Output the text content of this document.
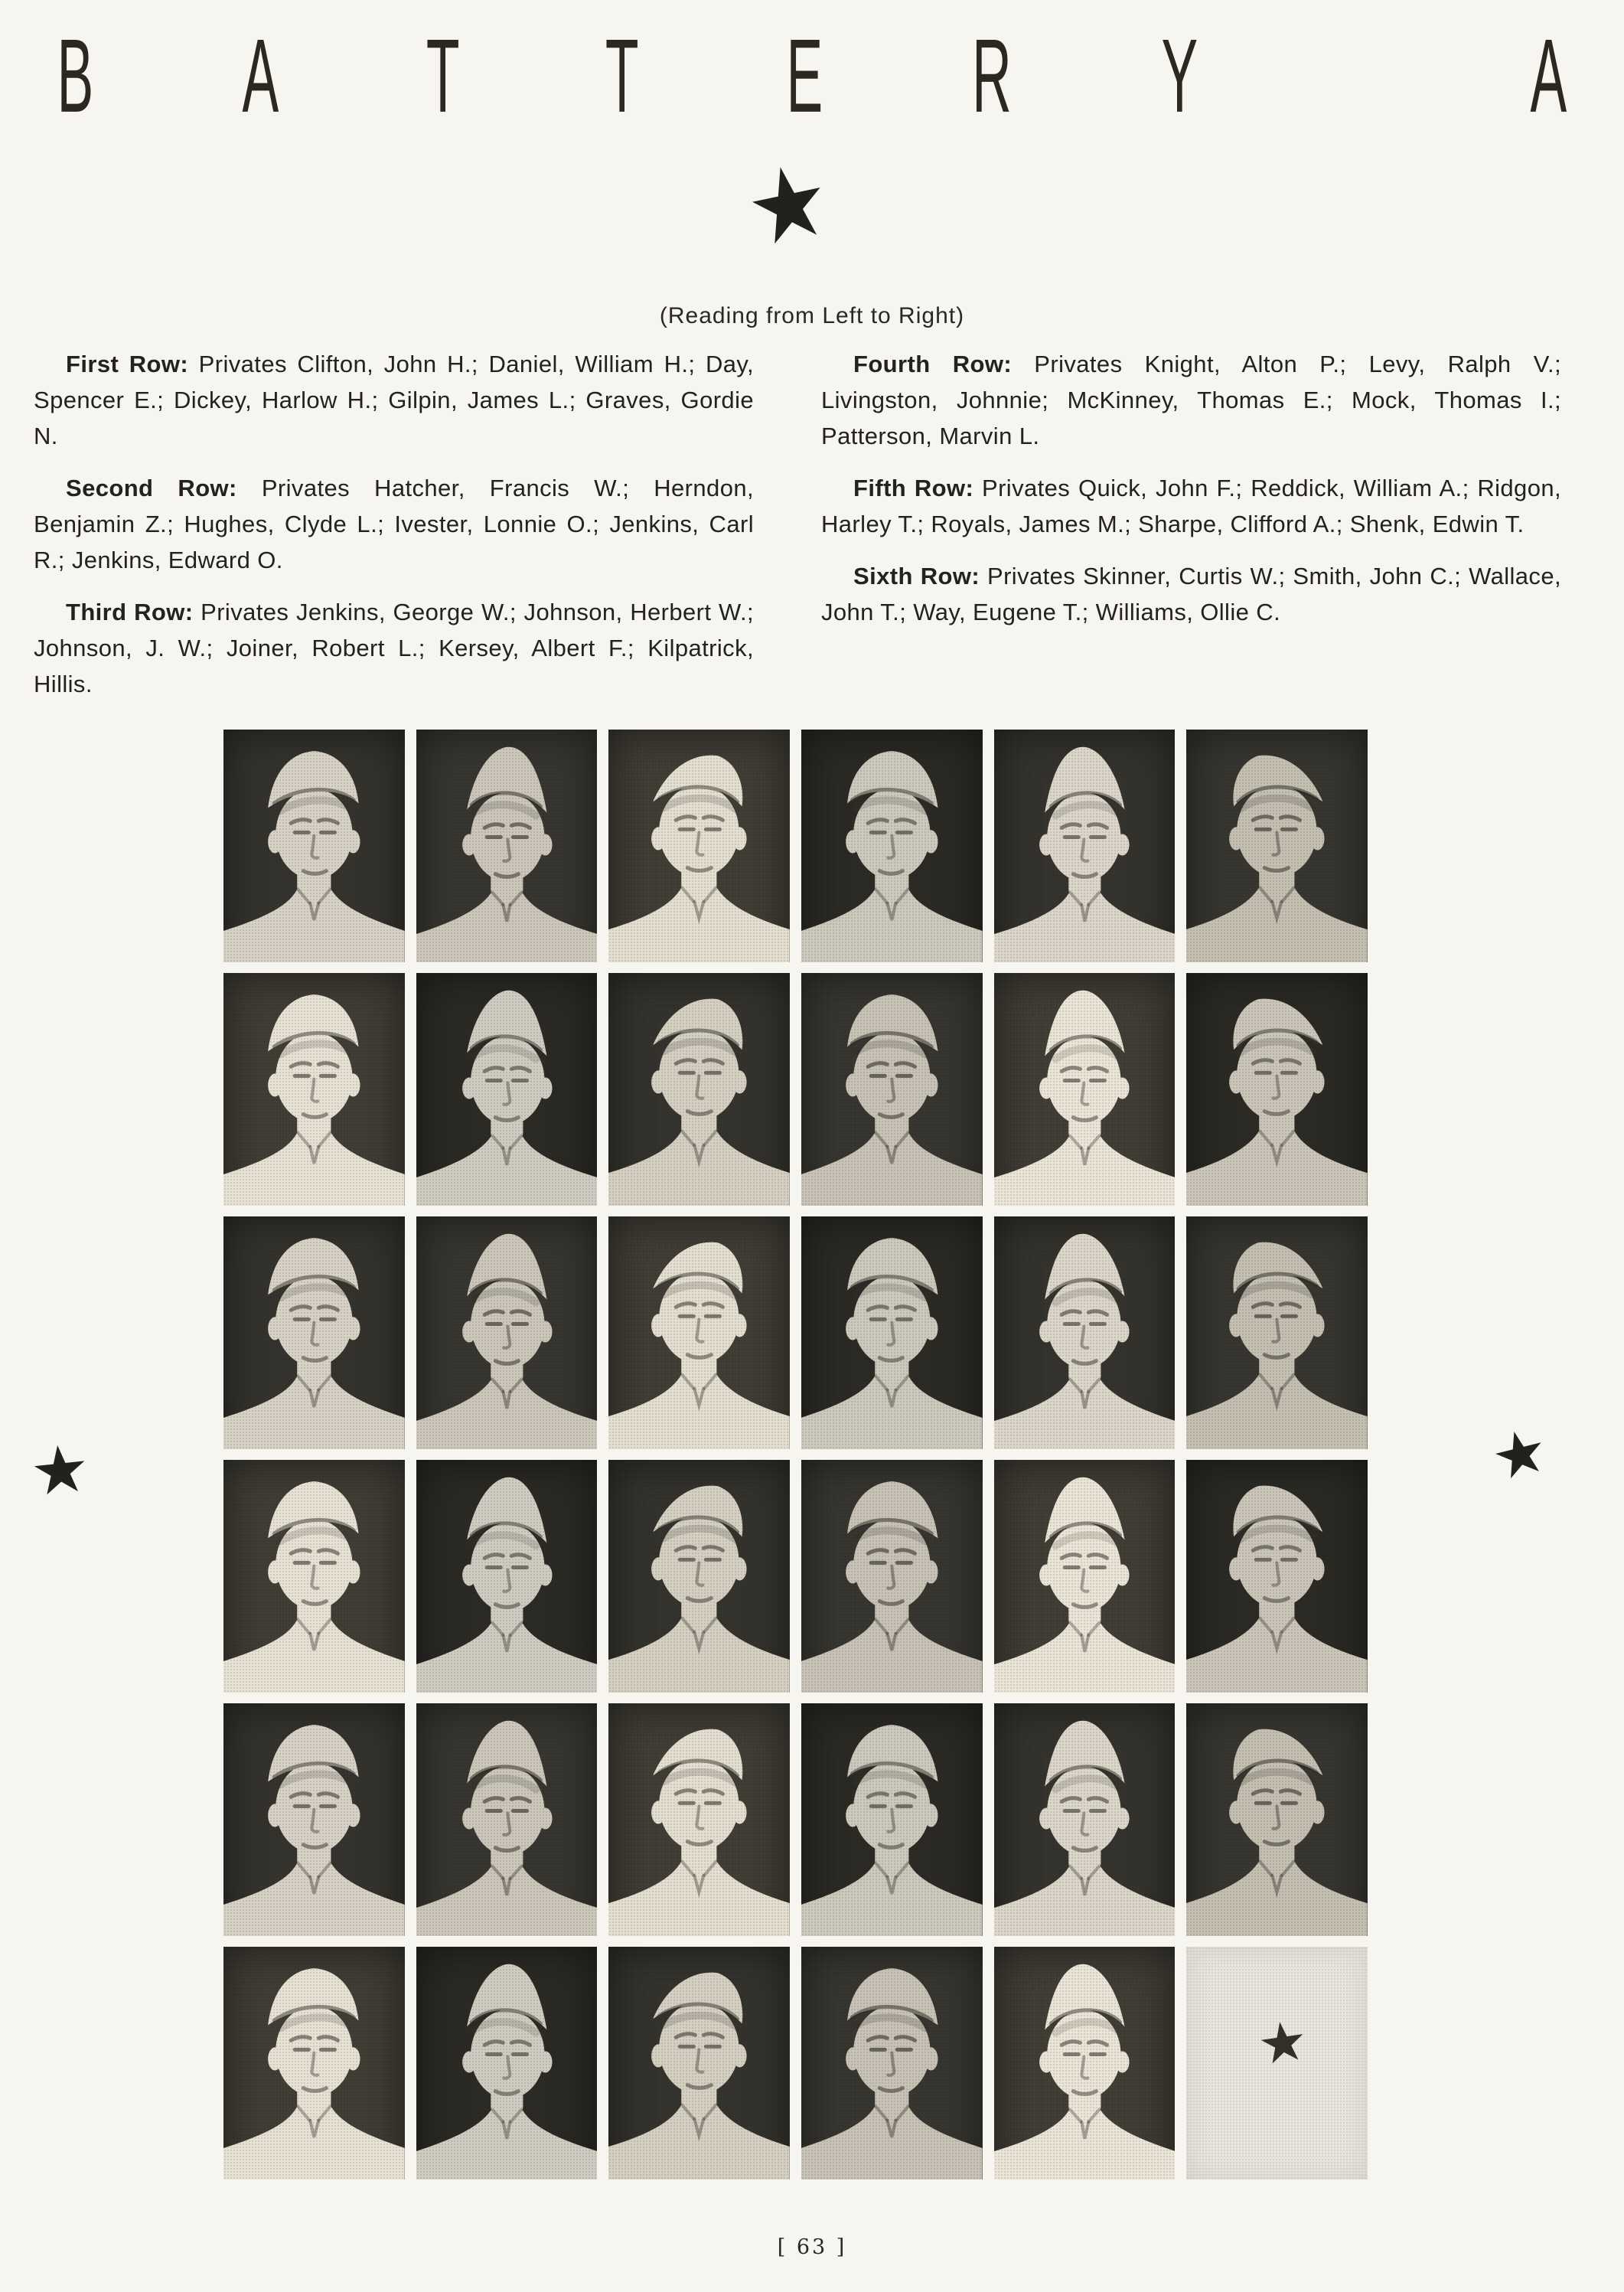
B A T T E R Y	A
★
★	★
(Reading from Left to Right)

First Row: Privates Clifton, John H.; Daniel, William H.; Day, Spencer E.; Dickey, Harlow H.; Gilpin, James L.; Graves, Gordie N.

Second Row: Privates Hatcher, Francis W.; Herndon, Benjamin Z.; Hughes, Clyde L.; Ivester, Lonnie O.; Jenkins, Carl R.; Jenkins, Edward O.

Third Row: Privates Jenkins, George W.; Johnson, Herbert W.; Johnson, J. W.; Joiner, Robert L.; Kersey, Albert F.; Kilpatrick, Hillis.

Fourth Row: Privates Knight, Alton P.; Levy, Ralph V.; Livingston, Johnnie; McKinney, Thomas E.; Mock, Thomas I.; Patterson, Marvin L.

Fifth Row: Privates Quick, John F.; Reddick, William A.; Ridgon, Harley T.; Royals, James M.; Sharpe, Clifford A.; Shenk, Edwin T.

Sixth Row: Privates Skinner, Curtis W.; Smith, John C.; Wallace, John T.; Way, Eugene T.; Williams, Ollie C.

★
[ 63 ]
